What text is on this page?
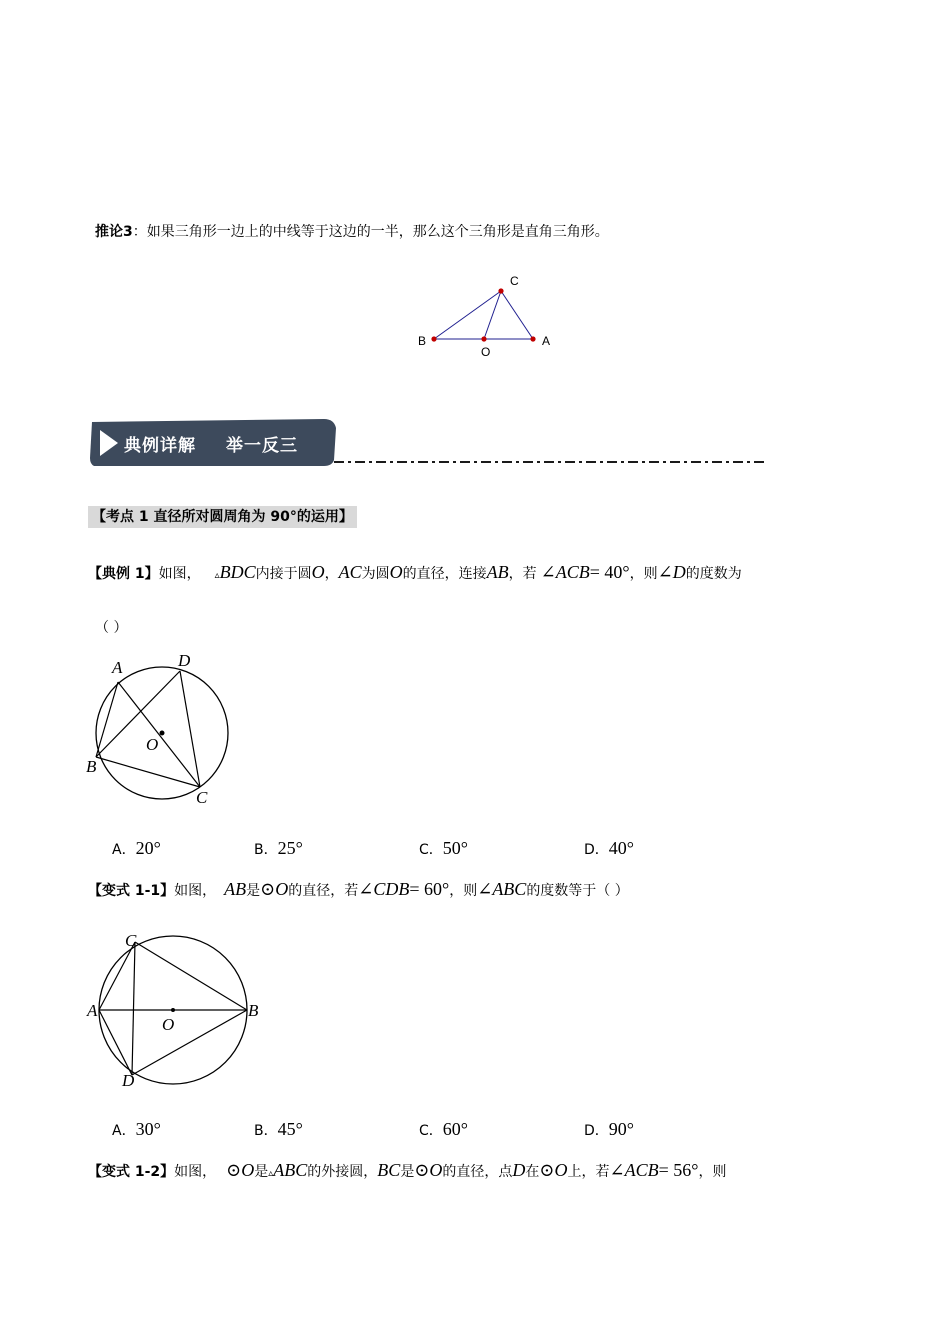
推论3：如果三角形一边上的中线等于这边的一半，那么这个三角形是直角三角形。
C
B
O
A
典例详解 举一反三
【考点 1 直径所对圆周角为 90°的运用】
【典例 1】如图， ▵BDC内接于圆O，AC为圆O的直径，连接AB，若 ∠ACB= 40°，则∠D的度数为
（ ）
A	D
O
B
C
A．20°	B．25°	C．50°	D．40°
【变式 1-1】如图， AB是⊙O的直径，若∠CDB= 60°，则∠ABC的度数等于（ ）
C
A
O
B
D
A．30°	B．45°	C．60°	D．90°
【变式 1-2】如图， ⊙O是▵ABC的外接圆，BC是⊙O的直径，点D在⊙O上，若∠ACB= 56°，则
